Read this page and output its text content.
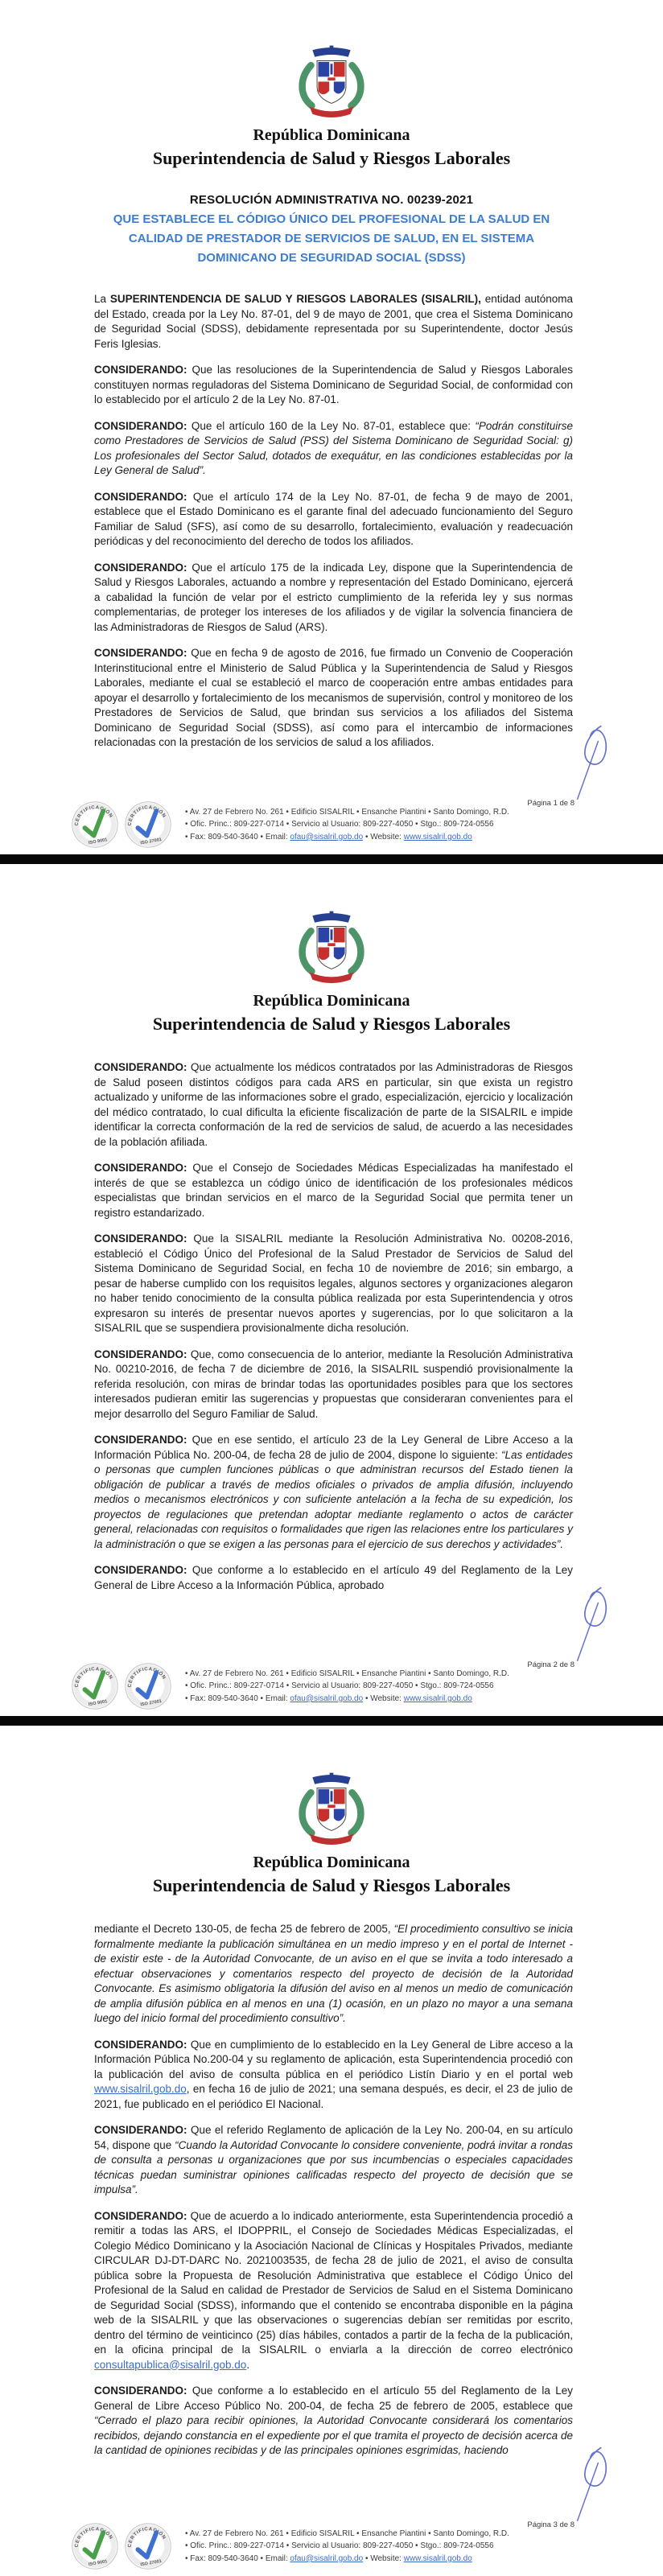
República Dominicana
Superintendencia de Salud y Riesgos Laborales
RESOLUCIÓN ADMINISTRATIVA NO. 00239-2021
QUE ESTABLECE EL CÓDIGO ÚNICO DEL PROFESIONAL DE LA SALUD EN CALIDAD DE PRESTADOR DE SERVICIOS DE SALUD, EN EL SISTEMA DOMINICANO DE SEGURIDAD SOCIAL (SDSS)

La SUPERINTENDENCIA DE SALUD Y RIESGOS LABORALES (SISALRIL), entidad autónoma del Estado, creada por la Ley No. 87-01, del 9 de mayo de 2001, que crea el Sistema Dominicano de Seguridad Social (SDSS), debidamente representada por su Superintendente, doctor Jesús Feris Iglesias.

CONSIDERANDO: Que las resoluciones de la Superintendencia de Salud y Riesgos Laborales constituyen normas reguladoras del Sistema Dominicano de Seguridad Social, de conformidad con lo establecido por el artículo 2 de la Ley No. 87-01.

CONSIDERANDO: Que el artículo 160 de la Ley No. 87-01, establece que: “Podrán constituirse como Prestadores de Servicios de Salud (PSS) del Sistema Dominicano de Seguridad Social: g) Los profesionales del Sector Salud, dotados de exequátur, en las condiciones establecidas por la Ley General de Salud”.

CONSIDERANDO: Que el artículo 174 de la Ley No. 87-01, de fecha 9 de mayo de 2001, establece que el Estado Dominicano es el garante final del adecuado funcionamiento del Seguro Familiar de Salud (SFS), así como de su desarrollo, fortalecimiento, evaluación y readecuación periódicas y del reconocimiento del derecho de todos los afiliados.

CONSIDERANDO: Que el artículo 175 de la indicada Ley, dispone que la Superintendencia de Salud y Riesgos Laborales, actuando a nombre y representación del Estado Dominicano, ejercerá a cabalidad la función de velar por el estricto cumplimiento de la referida ley y sus normas complementarias, de proteger los intereses de los afiliados y de vigilar la solvencia financiera de las Administradoras de Riesgos de Salud (ARS).

CONSIDERANDO: Que en fecha 9 de agosto de 2016, fue firmado un Convenio de Cooperación Interinstitucional entre el Ministerio de Salud Pública y la Superintendencia de Salud y Riesgos Laborales, mediante el cual se estableció el marco de cooperación entre ambas entidades para apoyar el desarrollo y fortalecimiento de los mecanismos de supervisión, control y monitoreo de los Prestadores de Servicios de Salud, que brindan sus servicios a los afiliados del Sistema Dominicano de Seguridad Social (SDSS), así como para el intercambio de informaciones relacionadas con la prestación de los servicios de salud a los afiliados.

Página 1 de 8
CERTIFICACIÓN
ISO 9001
CERTIFICACIÓN
ISO 27001
• Av. 27 de Febrero No. 261 • Edificio SISALRIL • Ensanche Piantini • Santo Domingo, R.D.
• Ofic. Princ.: 809-227-0714 • Servicio al Usuario: 809-227-4050 • Stgo.: 809-724-0556
• Fax: 809-540-3640 • Email: ofau@sisalril.gob.do • Website: www.sisalril.gob.do
República Dominicana
Superintendencia de Salud y Riesgos Laborales

CONSIDERANDO: Que actualmente los médicos contratados por las Administradoras de Riesgos de Salud poseen distintos códigos para cada ARS en particular, sin que exista un registro actualizado y uniforme de las informaciones sobre el grado, especialización, ejercicio y localización del médico contratado, lo cual dificulta la eficiente fiscalización de parte de la SISALRIL e impide identificar la correcta conformación de la red de servicios de salud, de acuerdo a las necesidades de la población afiliada.

CONSIDERANDO: Que el Consejo de Sociedades Médicas Especializadas ha manifestado el interés de que se establezca un código único de identificación de los profesionales médicos especialistas que brindan servicios en el marco de la Seguridad Social que permita tener un registro estandarizado.

CONSIDERANDO: Que la SISALRIL mediante la Resolución Administrativa No. 00208-2016, estableció el Código Único del Profesional de la Salud Prestador de Servicios de Salud del Sistema Dominicano de Seguridad Social, en fecha 10 de noviembre de 2016; sin embargo, a pesar de haberse cumplido con los requisitos legales, algunos sectores y organizaciones alegaron no haber tenido conocimiento de la consulta pública realizada por esta Superintendencia y otros expresaron su interés de presentar nuevos aportes y sugerencias, por lo que solicitaron a la SISALRIL que se suspendiera provisionalmente dicha resolución.

CONSIDERANDO: Que, como consecuencia de lo anterior, mediante la Resolución Administrativa No. 00210-2016, de fecha 7 de diciembre de 2016, la SISALRIL suspendió provisionalmente la referida resolución, con miras de brindar todas las oportunidades posibles para que los sectores interesados pudieran emitir las sugerencias y propuestas que consideraran convenientes para el mejor desarrollo del Seguro Familiar de Salud.

CONSIDERANDO: Que en ese sentido, el artículo 23 de la Ley General de Libre Acceso a la Información Pública No. 200-04, de fecha 28 de julio de 2004, dispone lo siguiente: “Las entidades o personas que cumplen funciones públicas o que administran recursos del Estado tienen la obligación de publicar a través de medios oficiales o privados de amplia difusión, incluyendo medios o mecanismos electrónicos y con suficiente antelación a la fecha de su expedición, los proyectos de regulaciones que pretendan adoptar mediante reglamento o actos de carácter general, relacionadas con requisitos o formalidades que rigen las relaciones entre los particulares y la administración o que se exigen a las personas para el ejercicio de sus derechos y actividades”.

CONSIDERANDO: Que conforme a lo establecido en el artículo 49 del Reglamento de la Ley General de Libre Acceso a la Información Pública, aprobado

Página 2 de 8
CERTIFICACIÓN
ISO 9001
CERTIFICACIÓN
ISO 27001
• Av. 27 de Febrero No. 261 • Edificio SISALRIL • Ensanche Piantini • Santo Domingo, R.D.
• Ofic. Princ.: 809-227-0714 • Servicio al Usuario: 809-227-4050 • Stgo.: 809-724-0556
• Fax: 809-540-3640 • Email: ofau@sisalril.gob.do • Website: www.sisalril.gob.do
República Dominicana
Superintendencia de Salud y Riesgos Laborales

mediante el Decreto 130-05, de fecha 25 de febrero de 2005, “El procedimiento consultivo se inicia formalmente mediante la publicación simultánea en un medio impreso y en el portal de Internet - de existir este - de la Autoridad Convocante, de un aviso en el que se invita a todo interesado a efectuar observaciones y comentarios respecto del proyecto de decisión de la Autoridad Convocante. Es asimismo obligatoria la difusión del aviso en al menos un medio de comunicación de amplia difusión pública en al menos en una (1) ocasión, en un plazo no mayor a una semana luego del inicio formal del procedimiento consultivo”.

CONSIDERANDO: Que en cumplimiento de lo establecido en la Ley General de Libre acceso a la Información Pública No.200-04 y su reglamento de aplicación, esta Superintendencia procedió con la publicación del aviso de consulta pública en el periódico Listín Diario y en el portal web www.sisalril.gob.do, en fecha 16 de julio de 2021; una semana después, es decir, el 23 de julio de 2021, fue publicado en el periódico El Nacional.

CONSIDERANDO: Que el referido Reglamento de aplicación de la Ley No. 200-04, en su artículo 54, dispone que “Cuando la Autoridad Convocante lo considere conveniente, podrá invitar a rondas de consulta a personas u organizaciones que por sus incumbencias o especiales capacidades técnicas puedan suministrar opiniones calificadas respecto del proyecto de decisión que se impulsa”.

CONSIDERANDO: Que de acuerdo a lo indicado anteriormente, esta Superintendencia procedió a remitir a todas las ARS, el IDOPPRIL, el Consejo de Sociedades Médicas Especializadas, el Colegio Médico Dominicano y la Asociación Nacional de Clínicas y Hospitales Privados, mediante CIRCULAR DJ-DT-DARC No. 2021003535, de fecha 28 de julio de 2021, el aviso de consulta pública sobre la Propuesta de Resolución Administrativa que establece el Código Único del Profesional de la Salud en calidad de Prestador de Servicios de Salud en el Sistema Dominicano de Seguridad Social (SDSS), informando que el contenido se encontraba disponible en la página web de la SISALRIL y que las observaciones o sugerencias debían ser remitidas por escrito, dentro del término de veinticinco (25) días hábiles, contados a partir de la fecha de la publicación, en la oficina principal de la SISALRIL o enviarla a la dirección de correo electrónico consultapublica@sisalril.gob.do.

CONSIDERANDO: Que conforme a lo establecido en el artículo 55 del Reglamento de la Ley General de Libre Acceso Público No. 200-04, de fecha 25 de febrero de 2005, establece que “Cerrado el plazo para recibir opiniones, la Autoridad Convocante considerará los comentarios recibidos, dejando constancia en el expediente por el que tramita el proyecto de decisión acerca de la cantidad de opiniones recibidas y de las principales opiniones esgrimidas, haciendo

Página 3 de 8
CERTIFICACIÓN
ISO 9001
CERTIFICACIÓN
ISO 27001
• Av. 27 de Febrero No. 261 • Edificio SISALRIL • Ensanche Piantini • Santo Domingo, R.D.
• Ofic. Princ.: 809-227-0714 • Servicio al Usuario: 809-227-4050 • Stgo.: 809-724-0556
• Fax: 809-540-3640 • Email: ofau@sisalril.gob.do • Website: www.sisalril.gob.do
